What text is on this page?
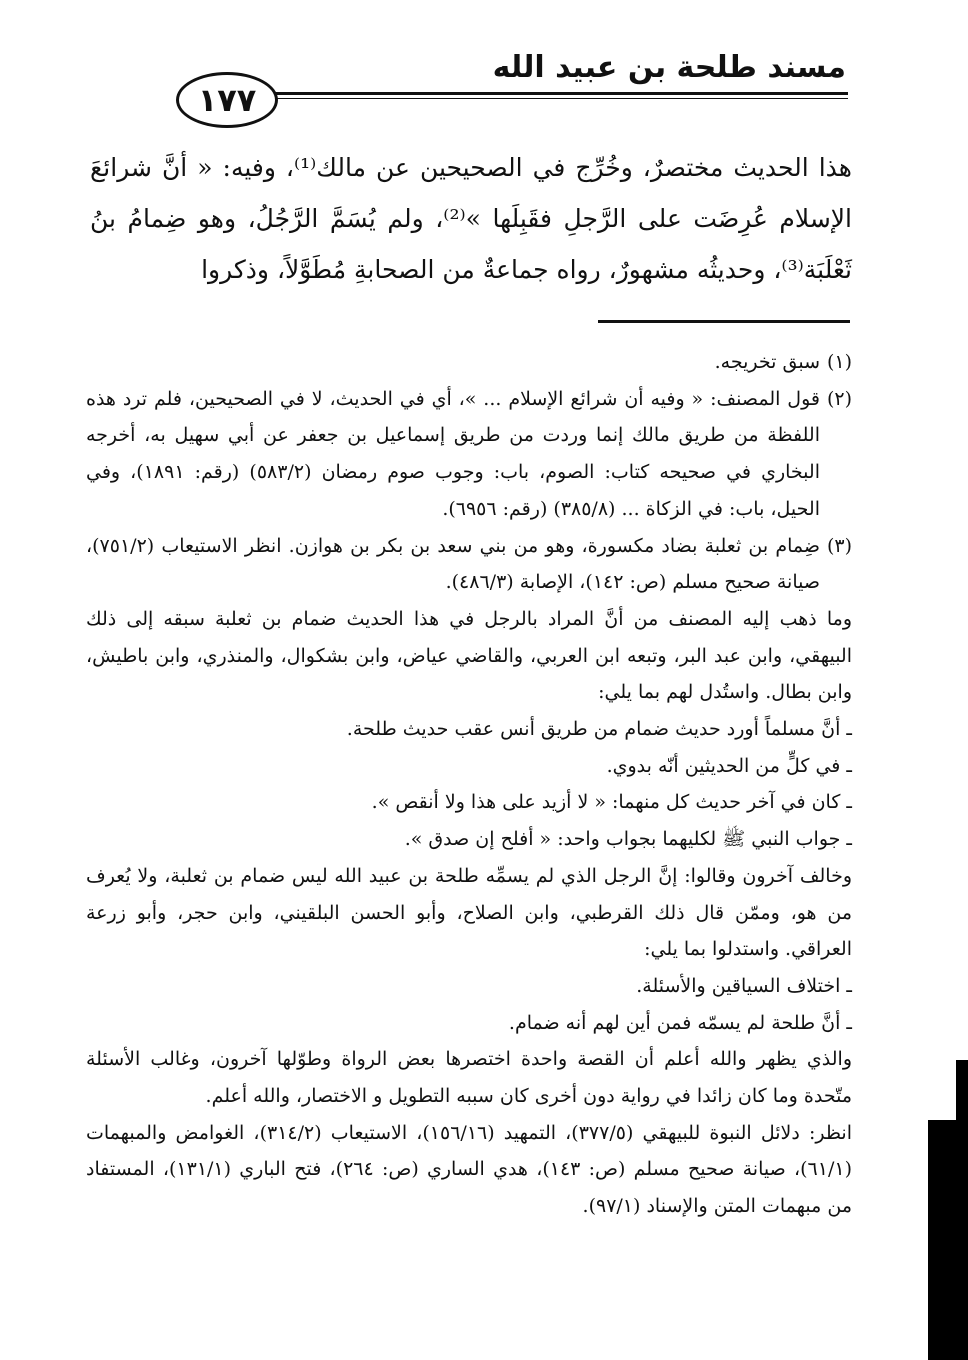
مسند طلحة بن عبيد الله
١٧٧

هذا الحديث مختصرٌ، وخُرِّج في الصحيحين عن مالك⁽¹⁾، وفيه: « أنَّ شرائعَ الإسلام عُرِضَت على الرَّجلِ فقَبِلَها »⁽²⁾، ولم يُسَمَّ الرَّجُلُ، وهو ضِمامُ بنُ ثَعْلَبَة⁽³⁾، وحديثُه مشهورٌ، رواه جماعةٌ من الصحابةِ مُطَوَّلاً، وذكروا

(١)
سبق تخريجه.
(٢)
قول المصنف: « وفيه أن شرائع الإسلام ... »، أي في الحديث، لا في الصحيحين، فلم ترد هذه اللفظة من طريق مالك إنما وردت من طريق إسماعيل بن جعفر عن أبي سهيل به، أخرجه البخاري في صحيحه كتاب: الصوم، باب: وجوب صوم رمضان (٥٨٣/٢) (رقم: ١٨٩١)، وفي الحيل، باب: في الزكاة ... (٣٨٥/٨) (رقم: ٦٩٥٦).
(٣)
ضِمام بن ثعلبة بضاد مكسورة، وهو من بني سعد بن بكر بن هوازن. انظر الاستيعاب (٧٥١/٢)، صيانة صحيح مسلم (ص: ١٤٢)، الإصابة (٤٨٦/٣).

وما ذهب إليه المصنف من أنَّ المراد بالرجل في هذا الحديث ضمام بن ثعلبة سبقه إلى ذلك البيهقي، وابن عبد البر، وتبعه ابن العربي، والقاضي عياض، وابن بشكوال، والمنذري، وابن باطيش، وابن بطال. واستُدل لهم بما يلي:

ـ أنَّ مسلماً أورد حديث ضمام من طريق أنس عقب حديث طلحة.

ـ في كلٍّ من الحديثين أنّه بدوي.

ـ كان في آخر حديث كل منهما: « لا أزيد على هذا ولا أنقص ».

ـ جواب النبي ﷺ لكليهما بجواب واحد: « أفلح إن صدق ».

وخالف آخرون وقالوا: إنَّ الرجل الذي لم يسمِّه طلحة بن عبيد الله ليس ضمام بن ثعلبة، ولا يُعرف من هو، وممّن قال ذلك القرطبي، وابن الصلاح، وأبو الحسن البلقيني، وابن حجر، وأبو زرعة العراقي. واستدلوا بما يلي:

ـ اختلاف السياقين والأسئلة.

ـ أنَّ طلحة لم يسمّه فمن أين لهم أنه ضمام.

والذي يظهر والله أعلم أن القصة واحدة اختصرها بعض الرواة وطوّلها آخرون، وغالب الأسئلة متّحدة وما كان زائدا في رواية دون أخرى كان سببه التطويل و الاختصار، والله أعلم.

انظر: دلائل النبوة للبيهقي (٣٧٧/٥)، التمهيد (١٥٦/١٦)، الاستيعاب (٣١٤/٢)، الغوامض والمبهمات (٦١/١)، صيانة صحيح مسلم (ص: ١٤٣)، هدي الساري (ص: ٢٦٤)، فتح الباري (١٣١/١)، المستفاد من مبهمات المتن والإسناد (٩٧/١).
